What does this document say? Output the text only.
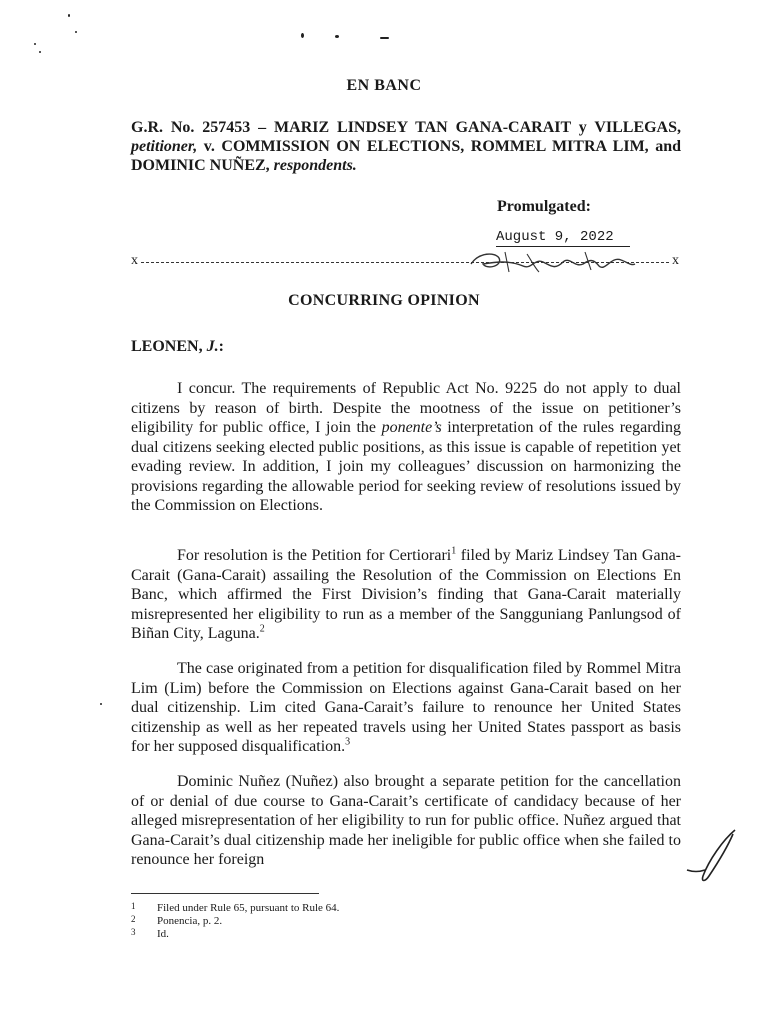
EN BANC
G.R. No. 257453 – MARIZ LINDSEY TAN GANA-CARAIT y VILLEGAS, petitioner, v. COMMISSION ON ELECTIONS, ROMMEL MITRA LIM, and DOMINIC NUÑEZ, respondents.
Promulgated:
August 9, 2022
x	x
CONCURRING OPINION
LEONEN, J.:

I concur. The requirements of Republic Act No. 9225 do not apply to dual citizens by reason of birth. Despite the mootness of the issue on petitioner’s eligibility for public office, I join the ponente’s interpretation of the rules regarding dual citizens seeking elected public positions, as this issue is capable of repetition yet evading review. In addition, I join my colleagues’ discussion on harmonizing the provisions regarding the allowable period for seeking review of resolutions issued by the Commission on Elections.

For resolution is the Petition for Certiorari$^1$ filed by Mariz Lindsey Tan Gana-Carait (Gana-Carait) assailing the Resolution of the Commission on Elections En Banc, which affirmed the First Division’s finding that Gana-Carait materially misrepresented her eligibility to run as a member of the Sangguniang Panlungsod of Biñan City, Laguna.$^2$

The case originated from a petition for disqualification filed by Rommel Mitra Lim (Lim) before the Commission on Elections against Gana-Carait based on her dual citizenship. Lim cited Gana-Carait’s failure to renounce her United States citizenship as well as her repeated travels using her United States passport as basis for her supposed disqualification.$^3$

Dominic Nuñez (Nuñez) also brought a separate petition for the cancellation of or denial of due course to Gana-Carait’s certificate of candidacy because of her alleged misrepresentation of her eligibility to run for public office. Nuñez argued that Gana-Carait’s dual citizenship made her ineligible for public office when she failed to renounce her foreign

1 Filed under Rule 65, pursuant to Rule 64.
2 Ponencia, p. 2.
3 Id.
